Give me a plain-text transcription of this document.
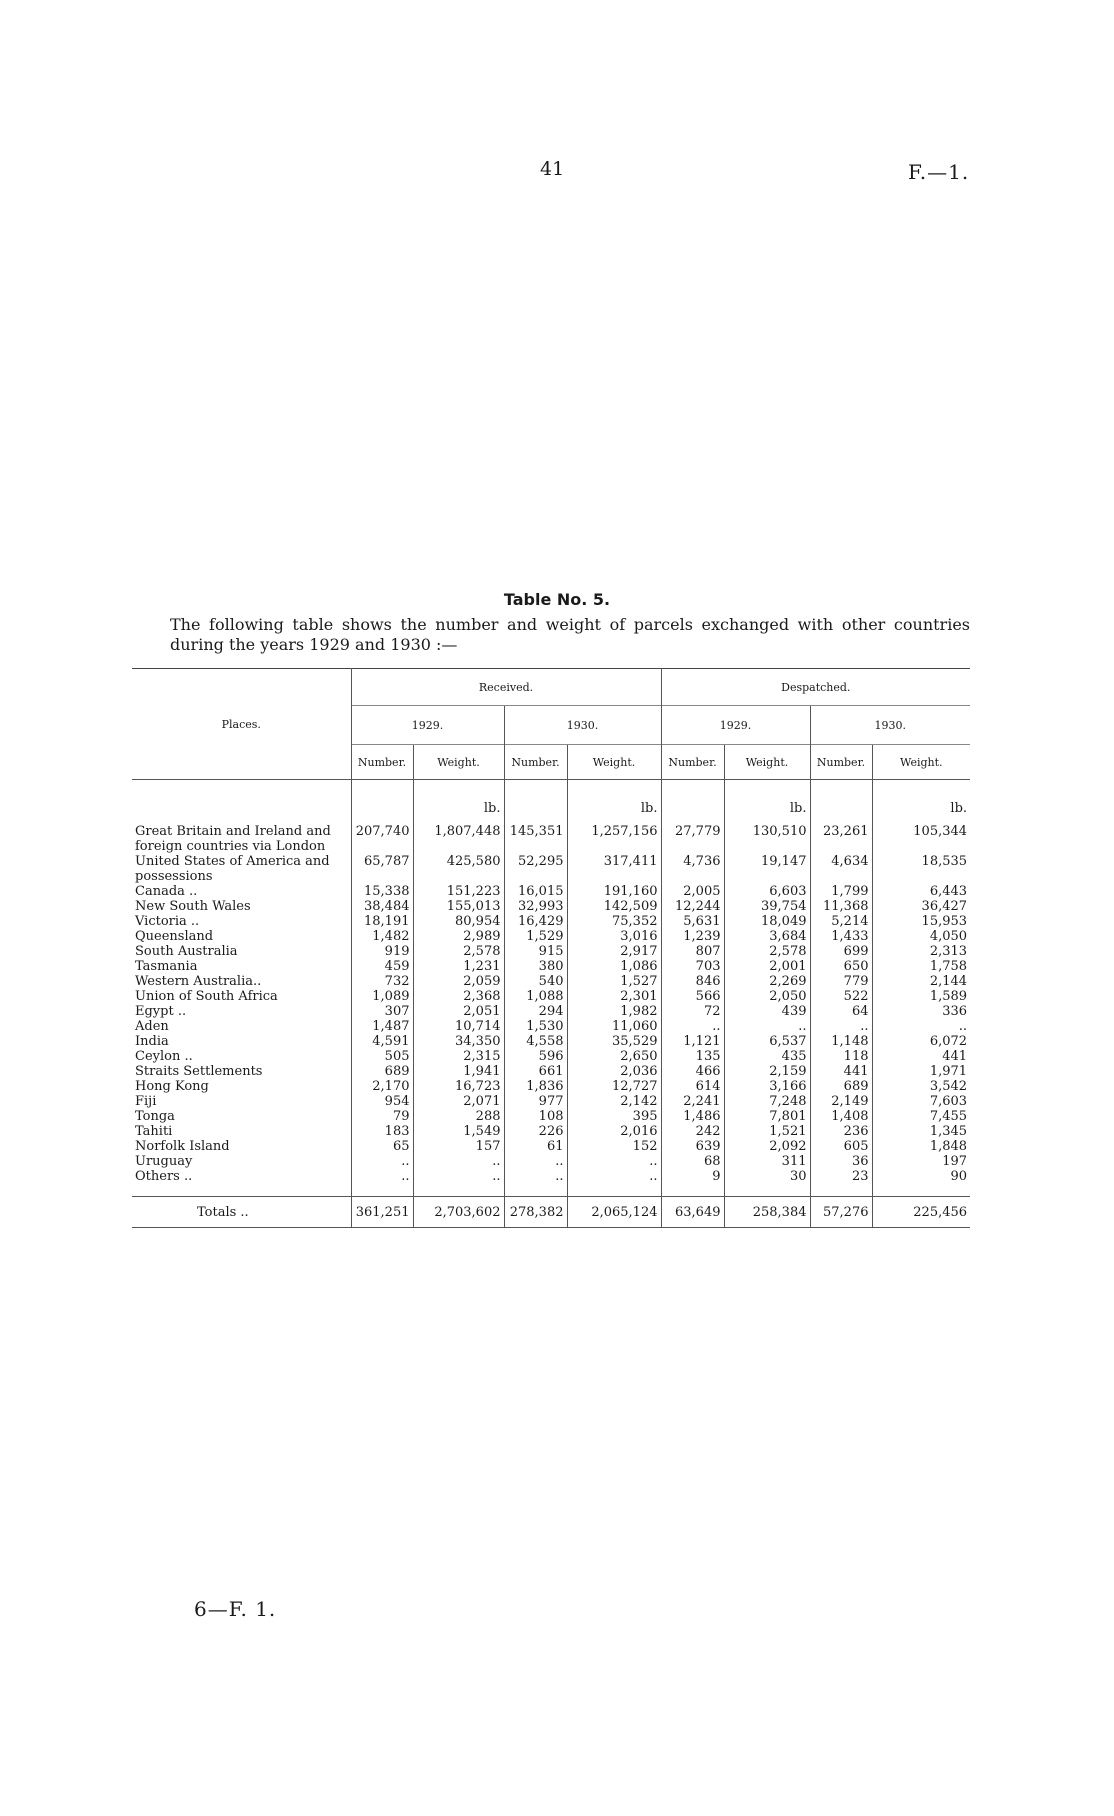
41	F.—1.
Table No. 5.
The following table shows the number and weight of parcels exchanged with other countries during the years 1929 and 1930 :—
Places.	Received.				Despatched.			
	1929.		1930.		1929.		1930.	
	Number.	Weight.	Number.	Weight.	Number.	Weight.	Number.	Weight.
		lb.		lb.		lb.		lb.
Great Britain and Ireland and foreign countries via London	207,740	1,807,448	145,351	1,257,156	27,779	130,510	23,261	105,344
United States of America and possessions	65,787	425,580	52,295	317,411	4,736	19,147	4,634	18,535
Canada ..	15,338	151,223	16,015	191,160	2,005	6,603	1,799	6,443
New South Wales	38,484	155,013	32,993	142,509	12,244	39,754	11,368	36,427
Victoria ..	18,191	80,954	16,429	75,352	5,631	18,049	5,214	15,953
Queensland	1,482	2,989	1,529	3,016	1,239	3,684	1,433	4,050
South Australia	919	2,578	915	2,917	807	2,578	699	2,313
Tasmania	459	1,231	380	1,086	703	2,001	650	1,758
Western Australia..	732	2,059	540	1,527	846	2,269	779	2,144
Union of South Africa	1,089	2,368	1,088	2,301	566	2,050	522	1,589
Egypt ..	307	2,051	294	1,982	72	439	64	336
Aden	1,487	10,714	1,530	11,060	..	..	..	..
India	4,591	34,350	4,558	35,529	1,121	6,537	1,148	6,072
Ceylon ..	505	2,315	596	2,650	135	435	118	441
Straits Settlements	689	1,941	661	2,036	466	2,159	441	1,971
Hong Kong	2,170	16,723	1,836	12,727	614	3,166	689	3,542
Fiji	954	2,071	977	2,142	2,241	7,248	2,149	7,603
Tonga	79	288	108	395	1,486	7,801	1,408	7,455
Tahiti	183	1,549	226	2,016	242	1,521	236	1,345
Norfolk Island	65	157	61	152	639	2,092	605	1,848
Uruguay	..	..	..	..	68	311	36	197
Others ..	..	..	..	..	9	30	23	90
Totals ..	361,251	2,703,602	278,382	2,065,124	63,649	258,384	57,276	225,456
6—F. 1.
